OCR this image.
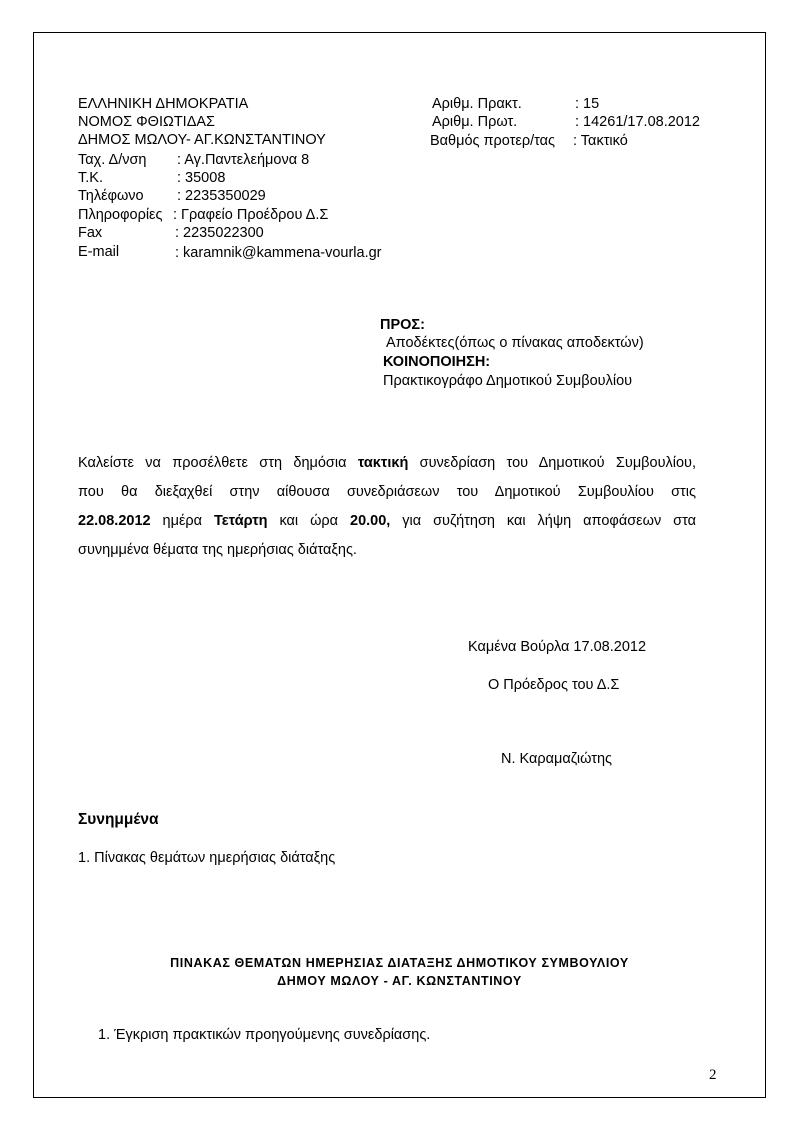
ΕΛΛΗΝΙΚΗ ΔΗΜΟΚΡΑΤΙΑ
ΝΟΜΟΣ ΦΘΙΩΤΙΔΑΣ
ΔΗΜΟΣ ΜΩΛΟΥ- ΑΓ.ΚΩΝΣΤΑΝΤΙΝΟΥ
Ταχ. Δ/νση : Αγ.Παντελεήμονα 8
Τ.Κ.	: 35008
Τηλέφωνο : 2235350029
Πληροφορίες : Γραφείο Προέδρου Δ.Σ
Fax	: 2235022300
E-mail	: karamnik@kammena-vourla.gr
Αριθμ. Πρακτ.	: 15
Αριθμ. Πρωτ.	: 14261/17.08.2012
Βαθμός προτερ/τας : Τακτικό
ΠΡΟΣ:
Αποδέκτες(όπως ο πίνακας αποδεκτών)
ΚΟΙΝΟΠΟΙΗΣΗ:
Πρακτικογράφο Δημοτικού Συμβουλίου
Καλείστε να προσέλθετε στη δημόσια τακτική συνεδρίαση του Δημοτικού Συμβουλίου,
που θα διεξαχθεί στην αίθουσα συνεδριάσεων του Δημοτικού Συμβουλίου στις
22.08.2012 ημέρα Τετάρτη και ώρα 20.00, για συζήτηση και λήψη αποφάσεων στα
συνημμένα θέματα της ημερήσιας διάταξης.
Καμένα Βούρλα 17.08.2012
Ο Πρόεδρος του Δ.Σ
Ν. Καραμαζιώτης
Συνημμένα
1. Πίνακας θεμάτων ημερήσιας διάταξης
ΠΙΝΑΚΑΣ ΘΕΜΑΤΩΝ ΗΜΕΡΗΣΙΑΣ ΔΙΑΤΑΞΗΣ ΔΗΜΟΤΙΚΟΥ ΣΥΜΒΟΥΛΙΟΥ
ΔΗΜΟΥ ΜΩΛΟΥ - ΑΓ. ΚΩΝΣΤΑΝΤΙΝΟΥ
1. Έγκριση πρακτικών προηγούμενης συνεδρίασης.
2
